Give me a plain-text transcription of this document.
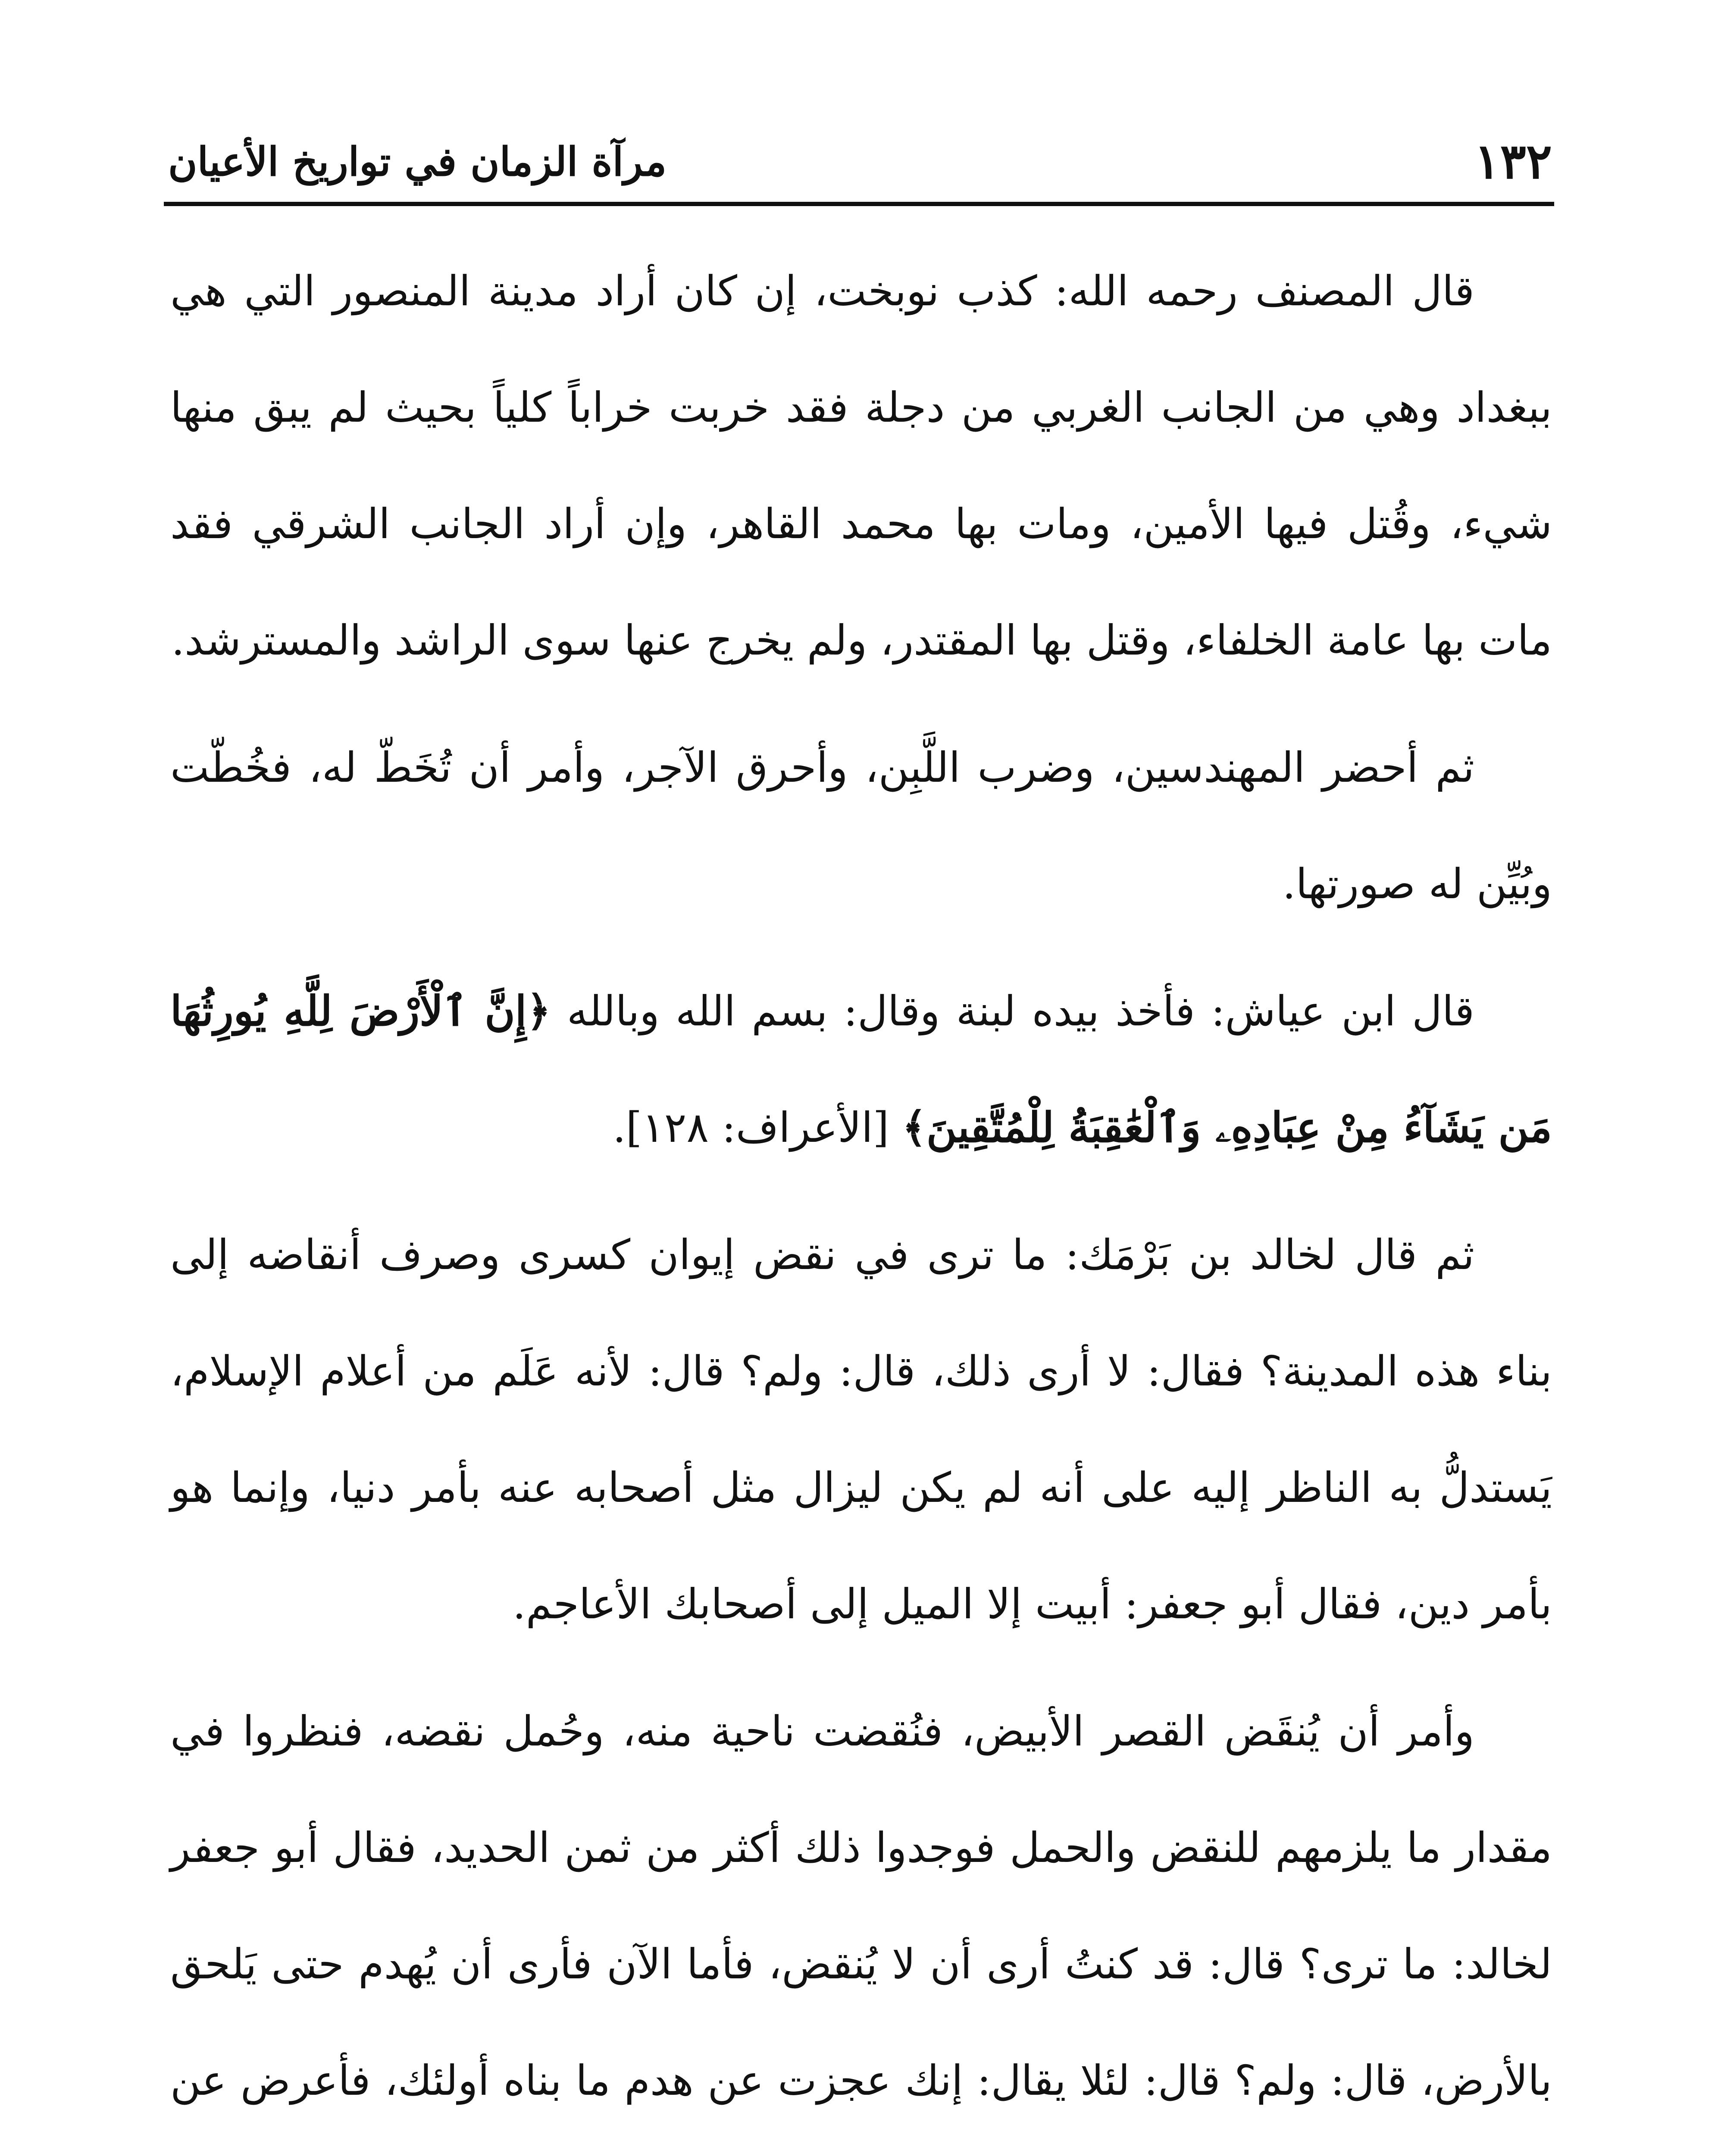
١٣٢
مرآة الزمان في تواريخ الأعيان

قال المصنف رحمه الله: كذب نوبخت، إن كان أراد مدينة المنصور التي هي ببغداد وهي من الجانب الغربي من دجلة فقد خربت خراباً كلياً بحيث لم يبق منها شيء، وقُتل فيها الأمين، ومات بها محمد القاهر، وإن أراد الجانب الشرقي فقد مات بها عامة الخلفاء، وقتل بها المقتدر، ولم يخرج عنها سوى الراشد والمسترشد.

ثم أحضر المهندسين، وضرب اللَّبِن، وأحرق الآجر، وأمر أن تُخَطّ له، فخُطّت وبُيِّن له صورتها.

قال ابن عياش: فأخذ بيده لبنة وقال: بسم الله وبالله ﴿إِنَّ ٱلْأَرْضَ لِلَّهِ يُورِثُهَا مَن يَشَآءُ مِنْ عِبَادِهِۦ وَٱلْعَٰقِبَةُ لِلْمُتَّقِينَ﴾ [الأعراف: ١٢٨].

ثم قال لخالد بن بَرْمَك: ما ترى في نقض إيوان كسرى وصرف أنقاضه إلى بناء هذه المدينة؟ فقال: لا أرى ذلك، قال: ولم؟ قال: لأنه عَلَم من أعلام الإسلام، يَستدلُّ به الناظر إليه على أنه لم يكن ليزال مثل أصحابه عنه بأمر دنيا، وإنما هو بأمر دين، فقال أبو جعفر: أبيت إلا الميل إلى أصحابك الأعاجم.

وأمر أن يُنقَض القصر الأبيض، فنُقضت ناحية منه، وحُمل نقضه، فنظروا في مقدار ما يلزمهم للنقض والحمل فوجدوا ذلك أكثر من ثمن الحديد، فقال أبو جعفر لخالد: ما ترى؟ قال: قد كنتُ أرى أن لا يُنقض، فأما الآن فأرى أن يُهدم حتى يَلحق بالأرض، قال: ولم؟ قال: لئلا يقال: إنك عجزت عن هدم ما بناه أولئك، فأعرض عن
